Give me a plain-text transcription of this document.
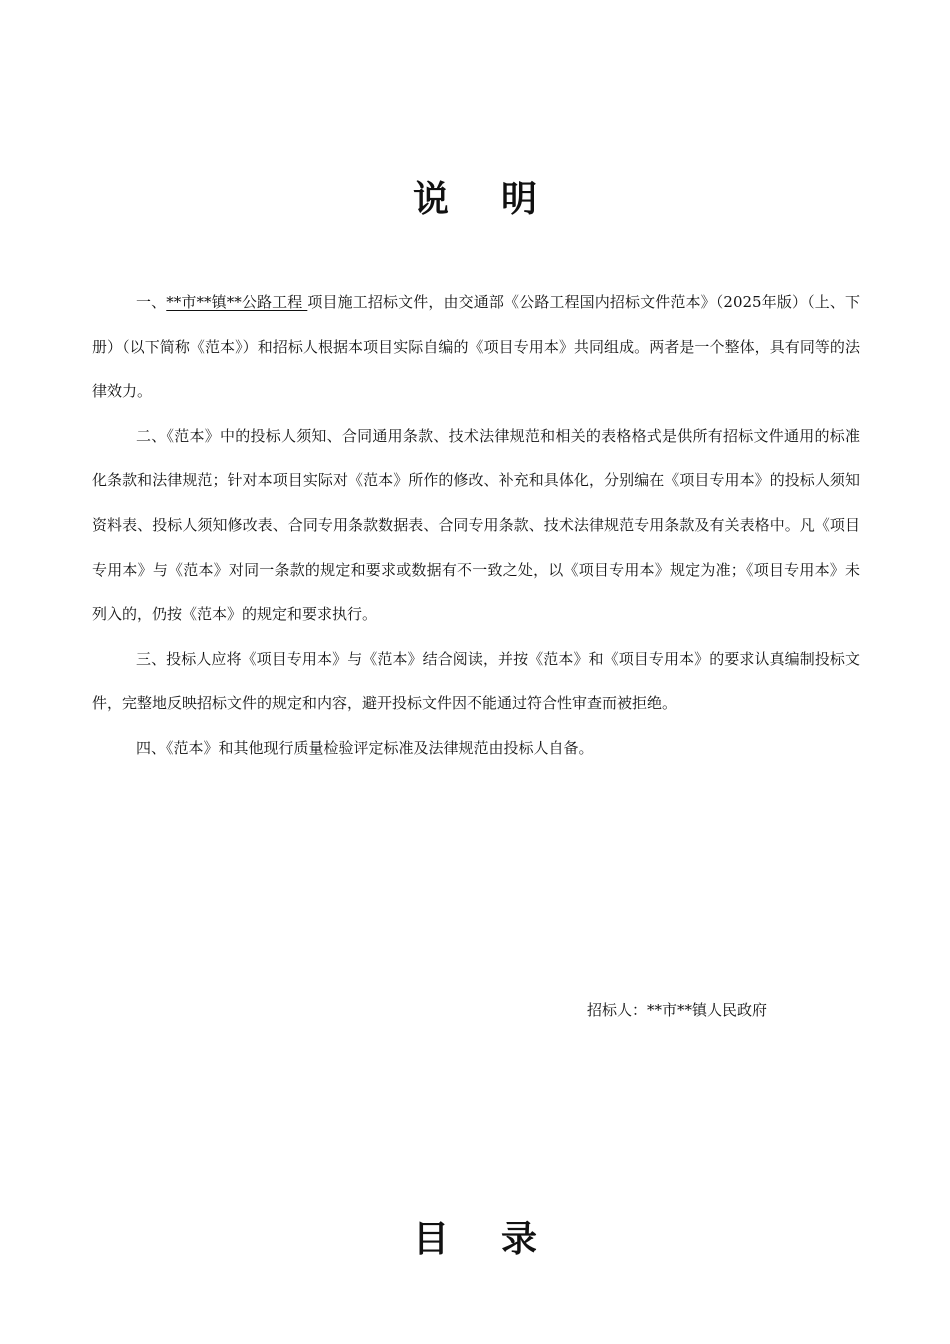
说明

一、**市**镇**公路工程 项目施工招标文件，由交通部《公路工程国内招标文件范本》（2025年版）（上、下册）（以下简称《范本》）和招标人根据本项目实际自编的《项目专用本》共同组成。两者是一个整体，具有同等的法律效力。

二、《范本》中的投标人须知、合同通用条款、技术法律规范和相关的表格格式是供所有招标文件通用的标准化条款和法律规范；针对本项目实际对《范本》所作的修改、补充和具体化，分别编在《项目专用本》的投标人须知资料表、投标人须知修改表、合同专用条款数据表、合同专用条款、技术法律规范专用条款及有关表格中。凡《项目专用本》与《范本》对同一条款的规定和要求或数据有不一致之处，以《项目专用本》规定为准；《项目专用本》未列入的，仍按《范本》的规定和要求执行。

三、投标人应将《项目专用本》与《范本》结合阅读，并按《范本》和《项目专用本》的要求认真编制投标文件，完整地反映招标文件的规定和内容，避开投标文件因不能通过符合性审查而被拒绝。

四、《范本》和其他现行质量检验评定标准及法律规范由投标人自备。

招标人：**市**镇人民政府
目录
